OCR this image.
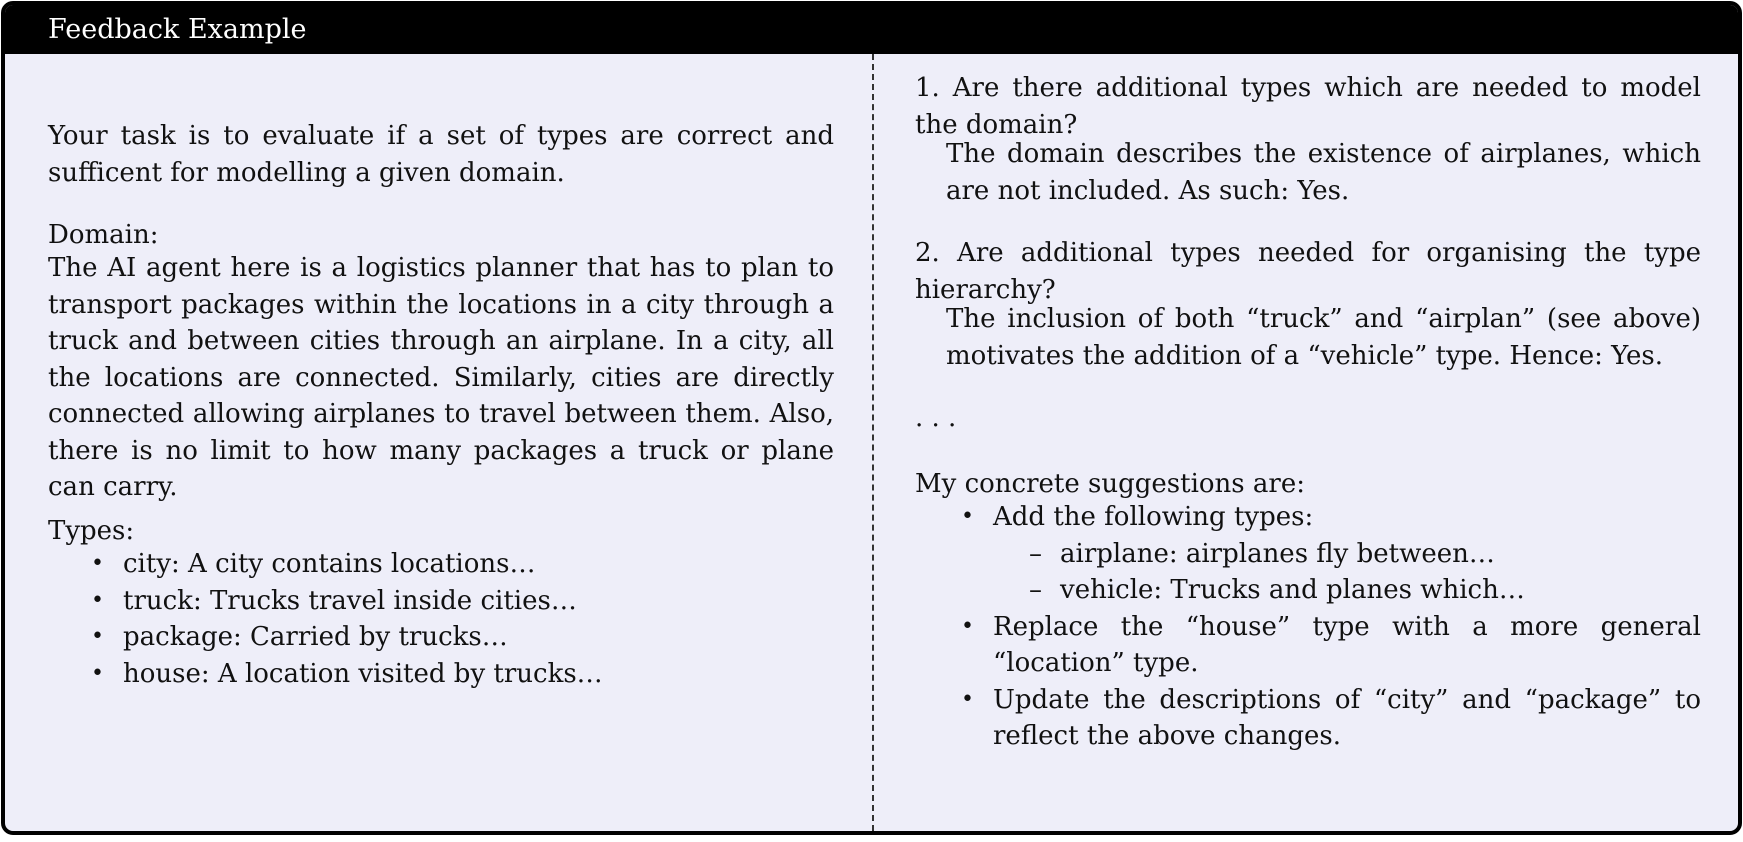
Feedback Example

Your task is to evaluate if a set of types are correct and sufficent for modelling a given domain.

Domain:

The AI agent here is a logistics planner that has to plan to transport packages within the locations in a city through a truck and between cities through an airplane. In a city, all the locations are connected. Similarly, cities are directly connected allowing airplanes to travel between them. Also, there is no limit to how many packages a truck or plane can carry.

Types:

• city: A city contains locations…
• truck: Trucks travel inside cities…
• package: Carried by trucks…
• house: A location visited by trucks…

1. Are there additional types which are needed to model the domain?

The domain describes the existence of airplanes, which are not included. As such: Yes.

2. Are additional types needed for organising the type hierarchy?

The inclusion of both “truck” and “airplan” (see above) motivates the addition of a “vehicle” type. Hence: Yes.

. . .

My concrete suggestions are:

• Add the following types:
– airplane: airplanes fly between…
– vehicle: Trucks and planes which…
• Replace the “house” type with a more general “location” type.
• Update the descriptions of “city” and “package” to reflect the above changes.
